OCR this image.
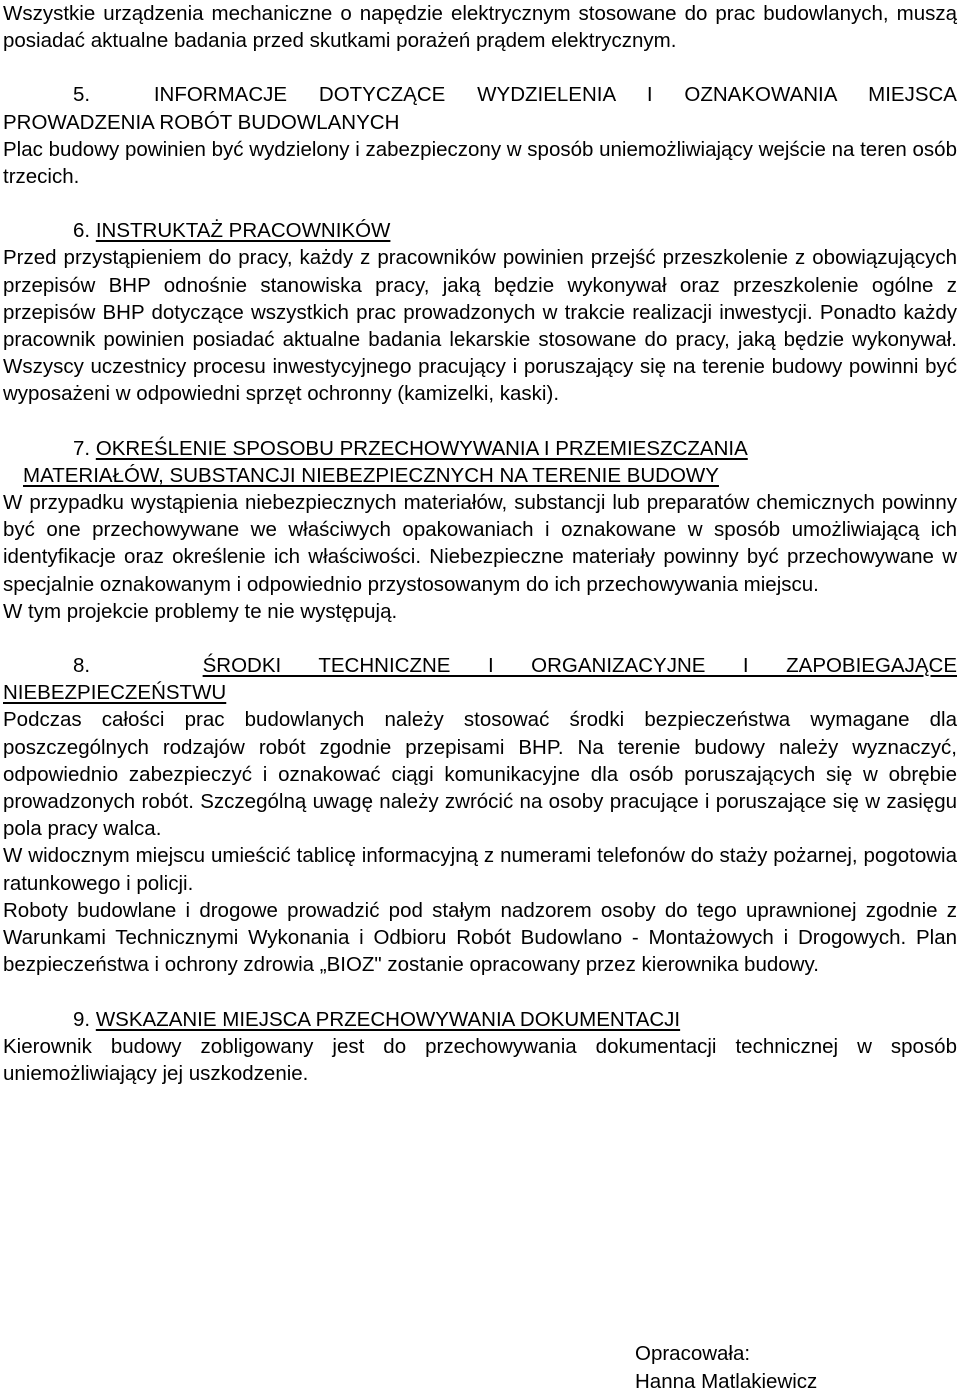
Wszystkie urządzenia mechaniczne o napędzie elektrycznym stosowane do prac budowlanych, muszą posiadać aktualne badania przed skutkami porażeń prądem elektrycznym.

5.	INFORMACJE DOTYCZĄCE WYDZIELENIA I OZNAKOWANIA MIEJSCA

PROWADZENIA ROBÓT BUDOWLANYCH

Plac budowy powinien być wydzielony i zabezpieczony w sposób uniemożliwiający wejście na teren osób trzecich.

6. INSTRUKTAŻ PRACOWNIKÓW

Przed przystąpieniem do pracy, każdy z pracowników powinien przejść przeszkolenie z obowiązujących przepisów BHP odnośnie stanowiska pracy, jaką będzie wykonywał oraz przeszkolenie ogólne z przepisów BHP dotyczące wszystkich prac prowadzonych w trakcie realizacji inwestycji. Ponadto każdy pracownik powinien posiadać aktualne badania lekarskie stosowane do pracy, jaką będzie wykonywał. Wszyscy uczestnicy procesu inwestycyjnego pracujący i poruszający się na terenie budowy powinni być wyposażeni w odpowiedni sprzęt ochronny (kamizelki, kaski).

7. OKREŚLENIE SPOSOBU PRZECHOWYWANIA I PRZEMIESZCZANIA

MATERIAŁÓW, SUBSTANCJI NIEBEZPIECZNYCH NA TERENIE BUDOWY

W przypadku wystąpienia niebezpiecznych materiałów, substancji lub preparatów chemicznych powinny być one przechowywane we właściwych opakowaniach i oznakowane w sposób umożliwiającą ich identyfikacje oraz określenie ich właściwości. Niebezpieczne materiały powinny być przechowywane w specjalnie oznakowanym i odpowiednio przystosowanym do ich przechowywania miejscu.

W tym projekcie problemy te nie występują.

8.	ŚRODKI TECHNICZNE I ORGANIZACYJNE I ZAPOBIEGAJĄCE

NIEBEZPIECZEŃSTWU

Podczas całości prac budowlanych należy stosować środki bezpieczeństwa wymagane dla poszczególnych rodzajów robót zgodnie przepisami BHP. Na terenie budowy należy wyznaczyć, odpowiednio zabezpieczyć i oznakować ciągi komunikacyjne dla osób poruszających się w obrębie prowadzonych robót. Szczególną uwagę należy zwrócić na osoby pracujące i poruszające się w zasięgu pola pracy walca.

W widocznym miejscu umieścić tablicę informacyjną z numerami telefonów do staży pożarnej, pogotowia ratunkowego i policji.

Roboty budowlane i drogowe prowadzić pod stałym nadzorem osoby do tego uprawnionej zgodnie z Warunkami Technicznymi Wykonania i Odbioru Robót Budowlano - Montażowych i Drogowych. Plan bezpieczeństwa i ochrony zdrowia „BIOZ" zostanie opracowany przez kierownika budowy.

9. WSKAZANIE MIEJSCA PRZECHOWYWANIA DOKUMENTACJI

Kierownik budowy zobligowany jest do przechowywania dokumentacji technicznej w sposób uniemożliwiający jej uszkodzenie.

Opracowała:
Hanna Matlakiewicz
